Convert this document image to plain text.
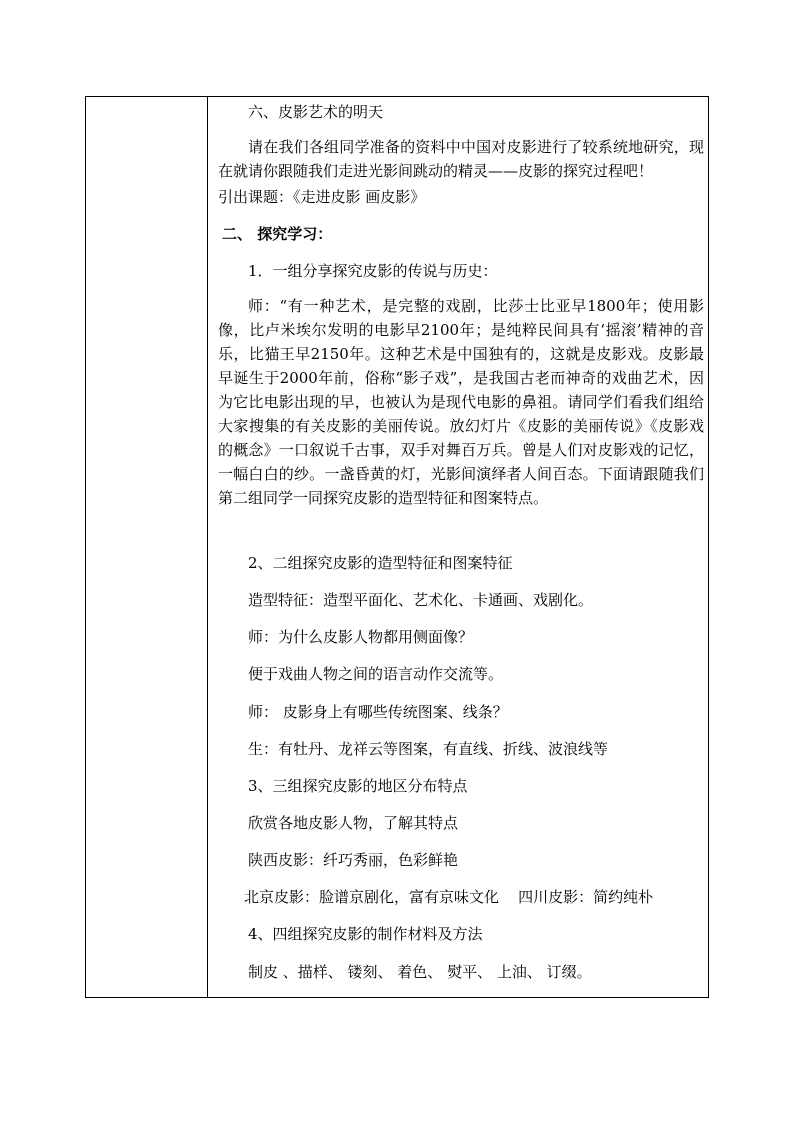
六、皮影艺术的明天
请在我们各组同学准备的资料中中国对皮影进行了较系统地研究，现在就请你跟随我们走进光影间跳动的精灵——皮影的探究过程吧！
引出课题：《走进皮影 画皮影》
二、 探究学习：
1．一组分享探究皮影的传说与历史：
师：“有一种艺术，是完整的戏剧，比莎士比亚早1800年；使用影像，比卢米埃尔发明的电影早2100年；是纯粹民间具有‘摇滚’精神的音乐，比猫王早2150年。这种艺术是中国独有的，这就是皮影戏。皮影最早诞生于2000年前，俗称“影子戏”，是我国古老而神奇的戏曲艺术，因为它比电影出现的早，也被认为是现代电影的鼻祖。请同学们看我们组给大家搜集的有关皮影的美丽传说。放幻灯片《皮影的美丽传说》《皮影戏的概念》一口叙说千古事，双手对舞百万兵。曾是人们对皮影戏的记忆，一幅白白的纱。一盏昏黄的灯，光影间演绎者人间百态。下面请跟随我们第二组同学一同探究皮影的造型特征和图案特点。
2、二组探究皮影的造型特征和图案特征
造型特征：造型平面化、艺术化、卡通画、戏剧化。
师：为什么皮影人物都用侧面像？
便于戏曲人物之间的语言动作交流等。
师： 皮影身上有哪些传统图案、线条？
生：有牡丹、龙祥云等图案，有直线、折线、波浪线等
3、三组探究皮影的地区分布特点
欣赏各地皮影人物，了解其特点
陕西皮影：纤巧秀丽，色彩鲜艳
北京皮影：脸谱京剧化，富有京味文化    四川皮影：简约纯朴
4、四组探究皮影的制作材料及方法
制皮 、描样、 镂刻、 着色、 熨平、 上油、 订缀。
